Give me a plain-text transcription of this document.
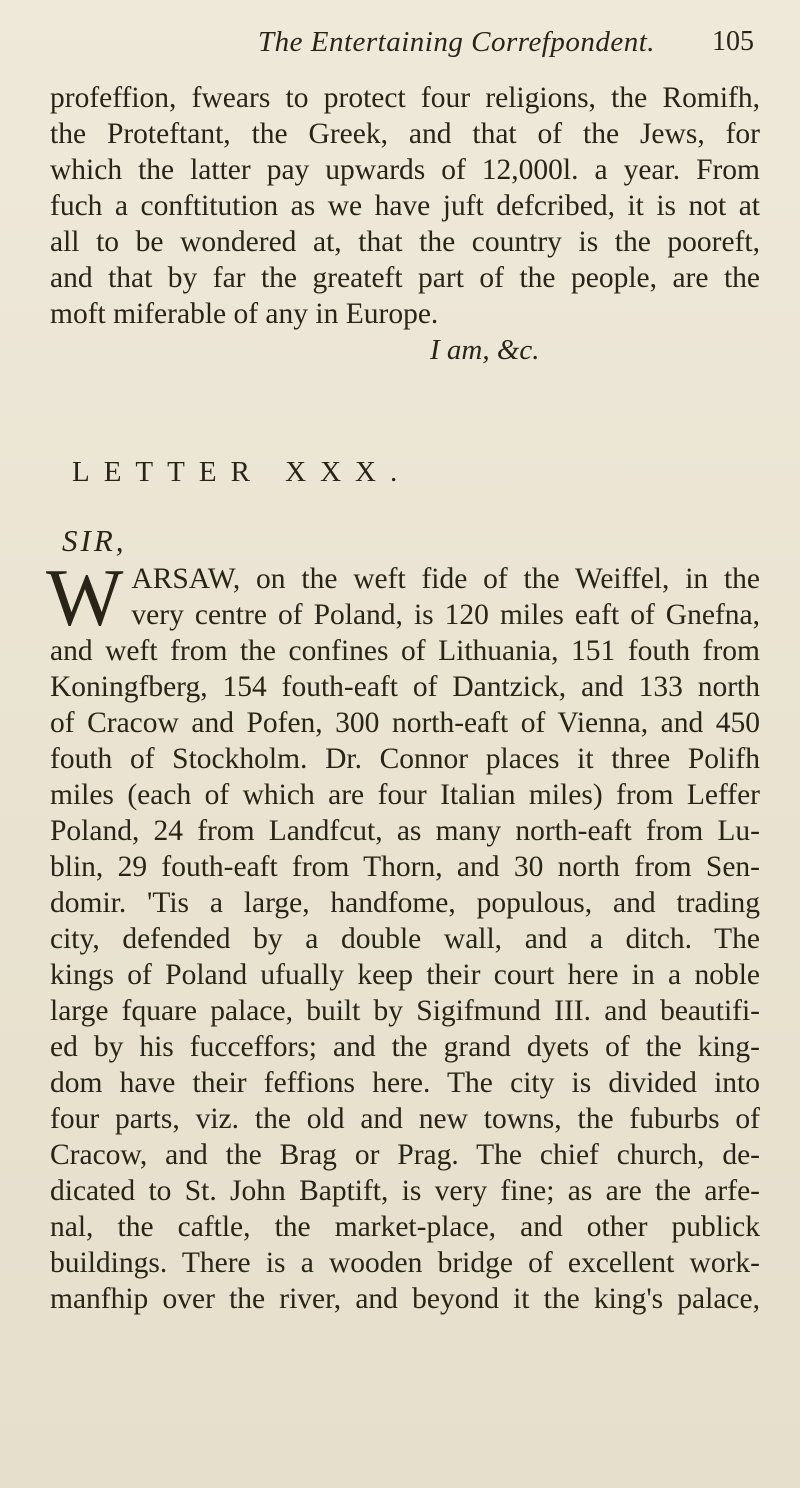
The Entertaining Correfpondent. 105
profeffion, fwears to protect four religions, the Romifh,
the Proteftant, the Greek, and that of the Jews, for
which the latter pay upwards of 12,000l. a year. From
fuch a conftitution as we have juft defcribed, it is not at
all to be wondered at, that the country is the pooreft,
and that by far the greateft part of the people, are the
moft miferable of any in Europe.
I am, &c.
LETTER XXX.
SIR,
W ARSAW, on the weft fide of the Weiffel, in the
very centre of Poland, is 120 miles eaft of Gnefna,
and weft from the confines of Lithuania, 151 fouth from
Koningfberg, 154 fouth-eaft of Dantzick, and 133 north
of Cracow and Pofen, 300 north-eaft of Vienna, and 450
fouth of Stockholm. Dr. Connor places it three Polifh
miles (each of which are four Italian miles) from Leffer
Poland, 24 from Landfcut, as many north-eaft from Lu-
blin, 29 fouth-eaft from Thorn, and 30 north from Sen-
domir. 'Tis a large, handfome, populous, and trading
city, defended by a double wall, and a ditch. The
kings of Poland ufually keep their court here in a noble
large fquare palace, built by Sigifmund III. and beautifi-
ed by his fucceffors; and the grand dyets of the king-
dom have their feffions here. The city is divided into
four parts, viz. the old and new towns, the fuburbs of
Cracow, and the Brag or Prag. The chief church, de-
dicated to St. John Baptift, is very fine; as are the arfe-
nal, the caftle, the market-place, and other publick
buildings. There is a wooden bridge of excellent work-
manfhip over the river, and beyond it the king's palace,
